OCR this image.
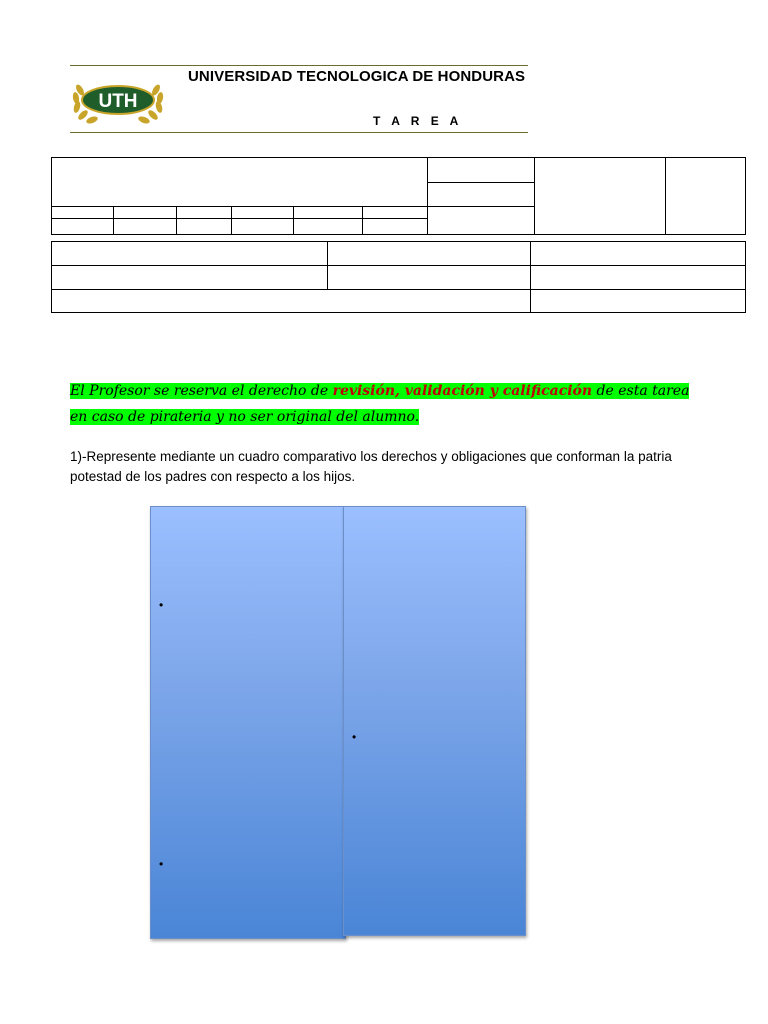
UTH
UNIVERSIDAD TECNOLOGICA DE HONDURAS
T A R E A
El Profesor se reserva el derecho de revisión, validación y calificación de esta tarea en caso de pirateria y no ser original del alumno.
1)-Represente mediante un cuadro comparativo los derechos y obligaciones que conforman la patria potestad de los padres con respecto a los hijos.
•
•
•
